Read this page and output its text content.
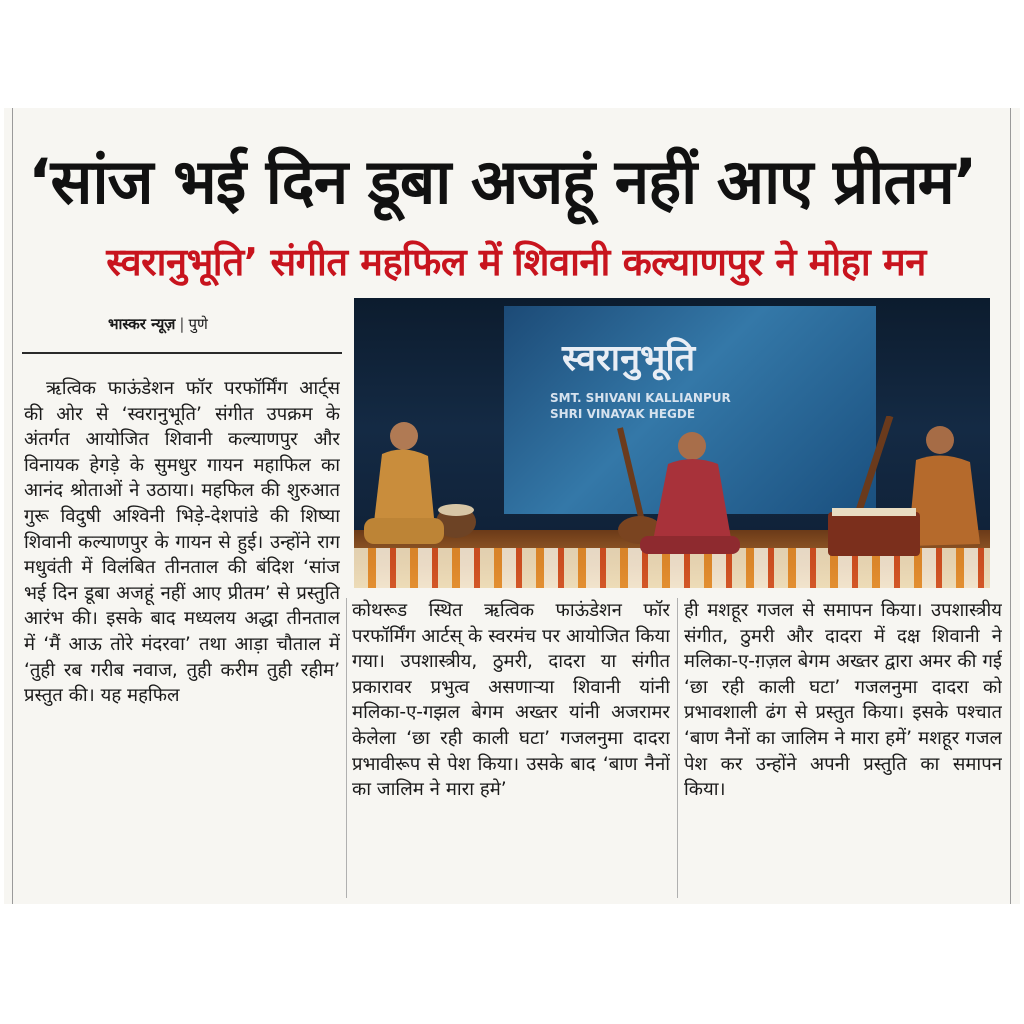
‘सांज भई दिन डूबा अजहूं नहीं आए प्रीतम’
स्वरानुभूति’ संगीत महफिल में शिवानी कल्याणपुर ने मोहा मन
भास्कर न्यूज़ | पुणे
स्वरानुभूति
SMT. SHIVANI KALLIANPUR
SHRI VINAYAK HEGDE
ऋत्विक फाऊंडेशन फॉर परफॉर्मिंग आर्ट्स की ओर से ‘स्वरानुभूति’ संगीत उपक्रम के अंतर्गत आयोजित शिवानी कल्याणपुर और विनायक हेगड़े के सुमधुर गायन महाफिल का आनंद श्रोताओं ने उठाया। महफिल की शुरुआत गुरू विदुषी अश्विनी भिड़े-देशपांडे की शिष्या शिवानी कल्याणपुर के गायन से हुई। उन्होंने राग मधुवंती में विलंबित तीनताल की बंदिश ‘सांज भई दिन डूबा अजहूं नहीं आए प्रीतम’ से प्रस्तुति आरंभ की। इसके बाद मध्यलय अद्धा तीनताल में ‘मैं आऊ तोरे मंदरवा’ तथा आड़ा चौताल में ‘तुही रब गरीब नवाज, तुही करीम तुही रहीम’ प्रस्तुत की। यह महफिल
कोथरूड स्थित ऋत्विक फाऊंडेशन फॉर परफॉर्मिंग आर्टस् के स्वरमंच पर आयोजित किया गया। उपशास्त्रीय, ठुमरी, दादरा या संगीत प्रकारावर प्रभुत्व असणाऱ्या शिवानी यांनी मलिका-ए-गझल बेगम अख्तर यांनी अजरामर केलेला ‘छा रही काली घटा’ गजलनुमा दादरा प्रभावीरूप से पेश किया। उसके बाद ‘बाण नैनों का जालिम ने मारा हमे’
ही मशहूर गजल से समापन किया। उपशास्त्रीय संगीत, ठुमरी और दादरा में दक्ष शिवानी ने मलिका-ए-ग़ज़ल बेगम अख्तर द्वारा अमर की गई ‘छा रही काली घटा’ गजलनुमा दादरा को प्रभावशाली ढंग से प्रस्तुत किया। इसके पश्चात ‘बाण नैनों का जालिम ने मारा हमें’ मशहूर गजल पेश कर उन्होंने अपनी प्रस्तुति का समापन किया।
